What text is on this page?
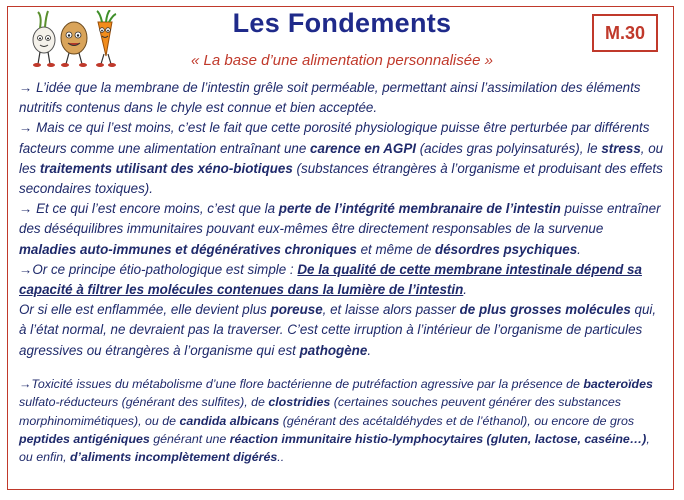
Les Fondements	M.30
« La base d’une alimentation personnalisée »

→ L’idée que la membrane de l’intestin grêle soit perméable, permettant ainsi l’assimilation des éléments nutritifs contenus dans le chyle est connue et bien acceptée.

→ Mais ce qui l’est moins, c’est le fait que cette porosité physiologique puisse être perturbée par différents facteurs comme une alimentation entraînant une carence en AGPI (acides gras polyinsaturés), le stress, ou les traitements utilisant des xéno-biotiques (substances étrangères à l’organisme et produisant des effets secondaires toxiques).

→ Et ce qui l’est encore moins, c’est que la perte de l’intégrité membranaire de l’intestin puisse entraîner des déséquilibres immunitaires pouvant eux-mêmes être directement responsables de la survenue maladies auto-immunes et dégénératives chroniques et même de désordres psychiques.

→Or ce principe étio-pathologique est simple : De la qualité de cette membrane intestinale dépend sa capacité à filtrer les molécules contenues dans la lumière de l’intestin.

Or si elle est enflammée, elle devient plus poreuse, et laisse alors passer de plus grosses molécules qui, à l’état normal, ne devraient pas la traverser. C’est cette irruption à l’intérieur de l’organisme de particules agressives ou étrangères à l’organisme qui est pathogène.

→Toxicité issues du métabolisme d’une flore bactérienne de putréfaction agressive par la présence de bacteroïdes sulfato-réducteurs (générant des sulfites), de clostridies (certaines souches peuvent générer des substances morphinomimétiques), ou de candida albicans (générant des acétaldéhydes et de l’éthanol), ou encore de gros peptides antigéniques générant une réaction immunitaire histio-lymphocytaires (gluten, lactose, caséine…), ou enfin, d’aliments incomplètement digérés..
